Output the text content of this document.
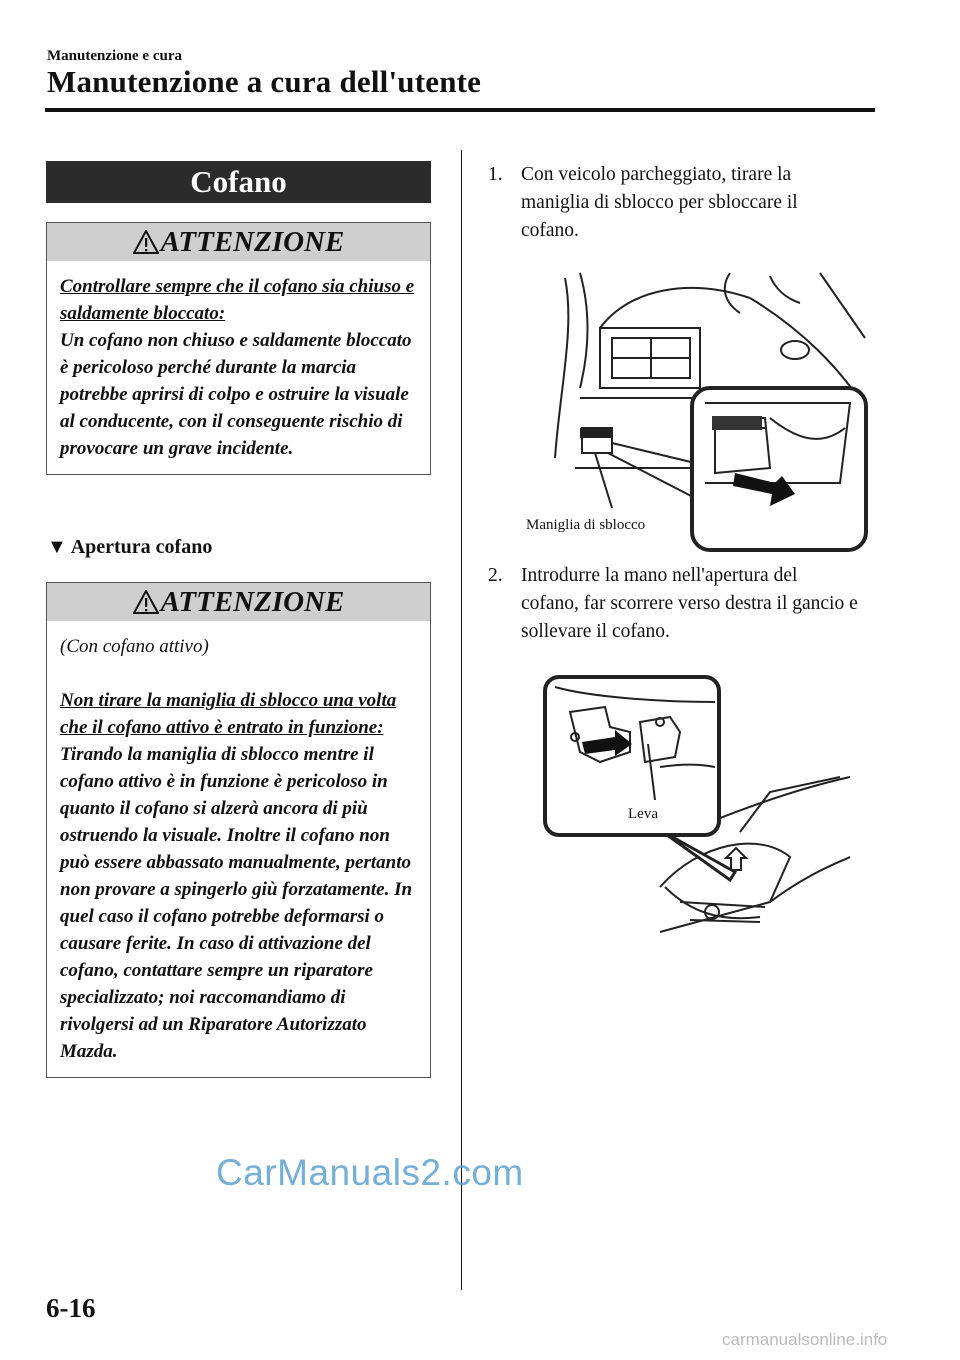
Manutenzione e cura
Manutenzione a cura dell'utente
Cofano
ATTENZIONE
Controllare sempre che il cofano sia chiuso e saldamente bloccato:
Un cofano non chiuso e saldamente bloccato è pericoloso perché durante la marcia potrebbe aprirsi di colpo e ostruire la visuale al conducente, con il conseguente rischio di provocare un grave incidente.
▼ Apertura cofano
ATTENZIONE
(Con cofano attivo)

Non tirare la maniglia di sblocco una volta che il cofano attivo è entrato in funzione:
Tirando la maniglia di sblocco mentre il cofano attivo è in funzione è pericoloso in quanto il cofano si alzerà ancora di più ostruendo la visuale. Inoltre il cofano non può essere abbassato manualmente, pertanto non provare a spingerlo giù forzatamente. In quel caso il cofano potrebbe deformarsi o causare ferite. In caso di attivazione del cofano, contattare sempre un riparatore specializzato; noi raccomandiamo di rivolgersi ad un Riparatore Autorizzato Mazda.
1. Con veicolo parcheggiato, tirare la maniglia di sblocco per sbloccare il cofano.
Maniglia di sblocco
2. Introdurre la mano nell'apertura del cofano, far scorrere verso destra il gancio e sollevare il cofano.
Leva
6-16
CarManuals2.com
carmanualsonline.info
